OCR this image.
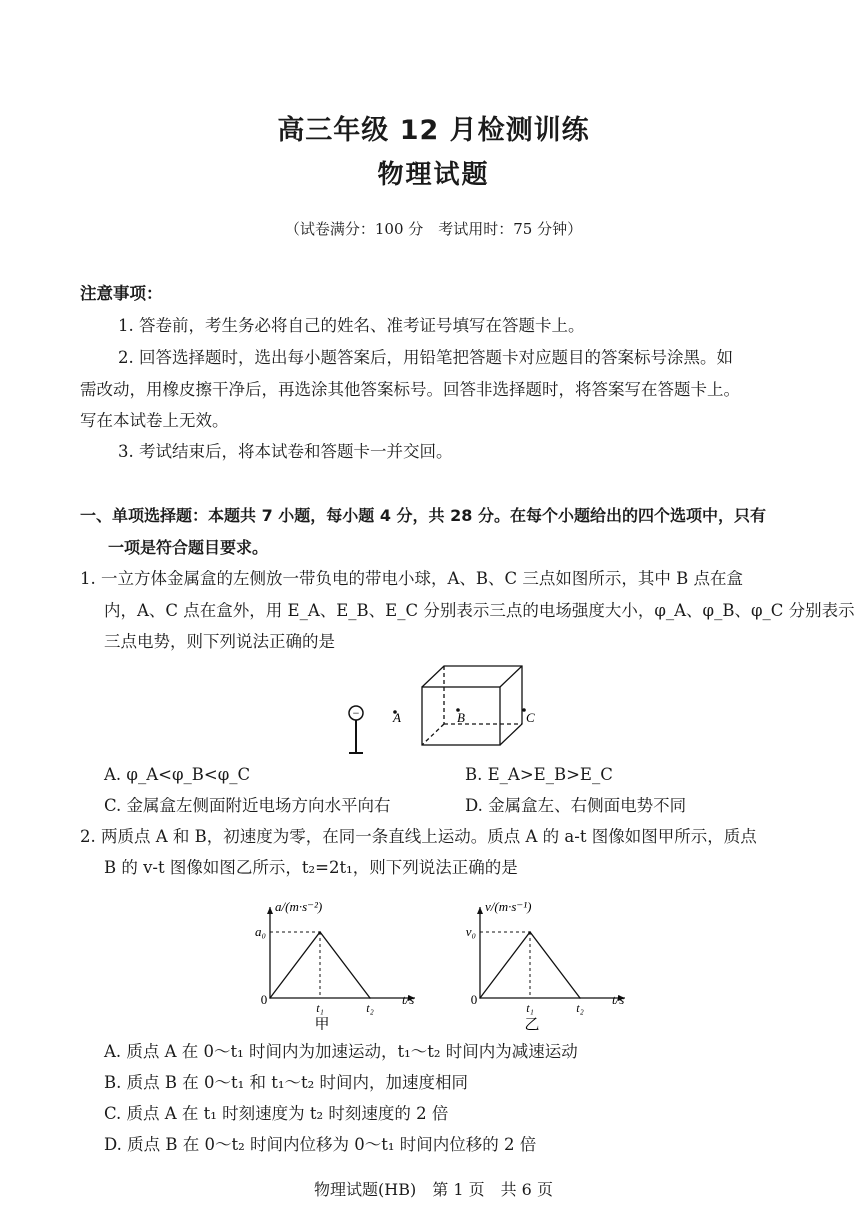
高三年级 12 月检测训练
物理试题
（试卷满分：100 分　考试用时：75 分钟）
注意事项：
1. 答卷前，考生务必将自己的姓名、准考证号填写在答题卡上。
2. 回答选择题时，选出每小题答案后，用铅笔把答题卡对应题目的答案标号涂黑。如
需改动，用橡皮擦干净后，再选涂其他答案标号。回答非选择题时，将答案写在答题卡上。
写在本试卷上无效。
3. 考试结束后，将本试卷和答题卡一并交回。
一、单项选择题：本题共 7 小题，每小题 4 分，共 28 分。在每个小题给出的四个选项中，只有
一项是符合题目要求。
1. 一立方体金属盒的左侧放一带负电的带电小球，A、B、C 三点如图所示，其中 B 点在盒
内，A、C 点在盒外，用 E_A、E_B、E_C 分别表示三点的电场强度大小，φ_A、φ_B、φ_C 分别表示
三点电势，则下列说法正确的是
−	A	B	C
A. φ_A<φ_B<φ_C	B. E_A>E_B>E_C
C. 金属盒左侧面附近电场方向水平向右	D. 金属盒左、右侧面电势不同
2. 两质点 A 和 B，初速度为零，在同一条直线上运动。质点 A 的 a-t 图像如图甲所示，质点
B 的 v-t 图像如图乙所示，t₂=2t₁，则下列说法正确的是
a/(m·s⁻²)
a₀
0
t₁	t₂
t/s
甲
v/(m·s⁻¹)
v₀
0
t₁	t₂
t/s
乙
A. 质点 A 在 0～t₁ 时间内为加速运动，t₁～t₂ 时间内为减速运动
B. 质点 B 在 0～t₁ 和 t₁～t₂ 时间内，加速度相同
C. 质点 A 在 t₁ 时刻速度为 t₂ 时刻速度的 2 倍
D. 质点 B 在 0～t₂ 时间内位移为 0～t₁ 时间内位移的 2 倍
物理试题(HB)　第 1 页　共 6 页
